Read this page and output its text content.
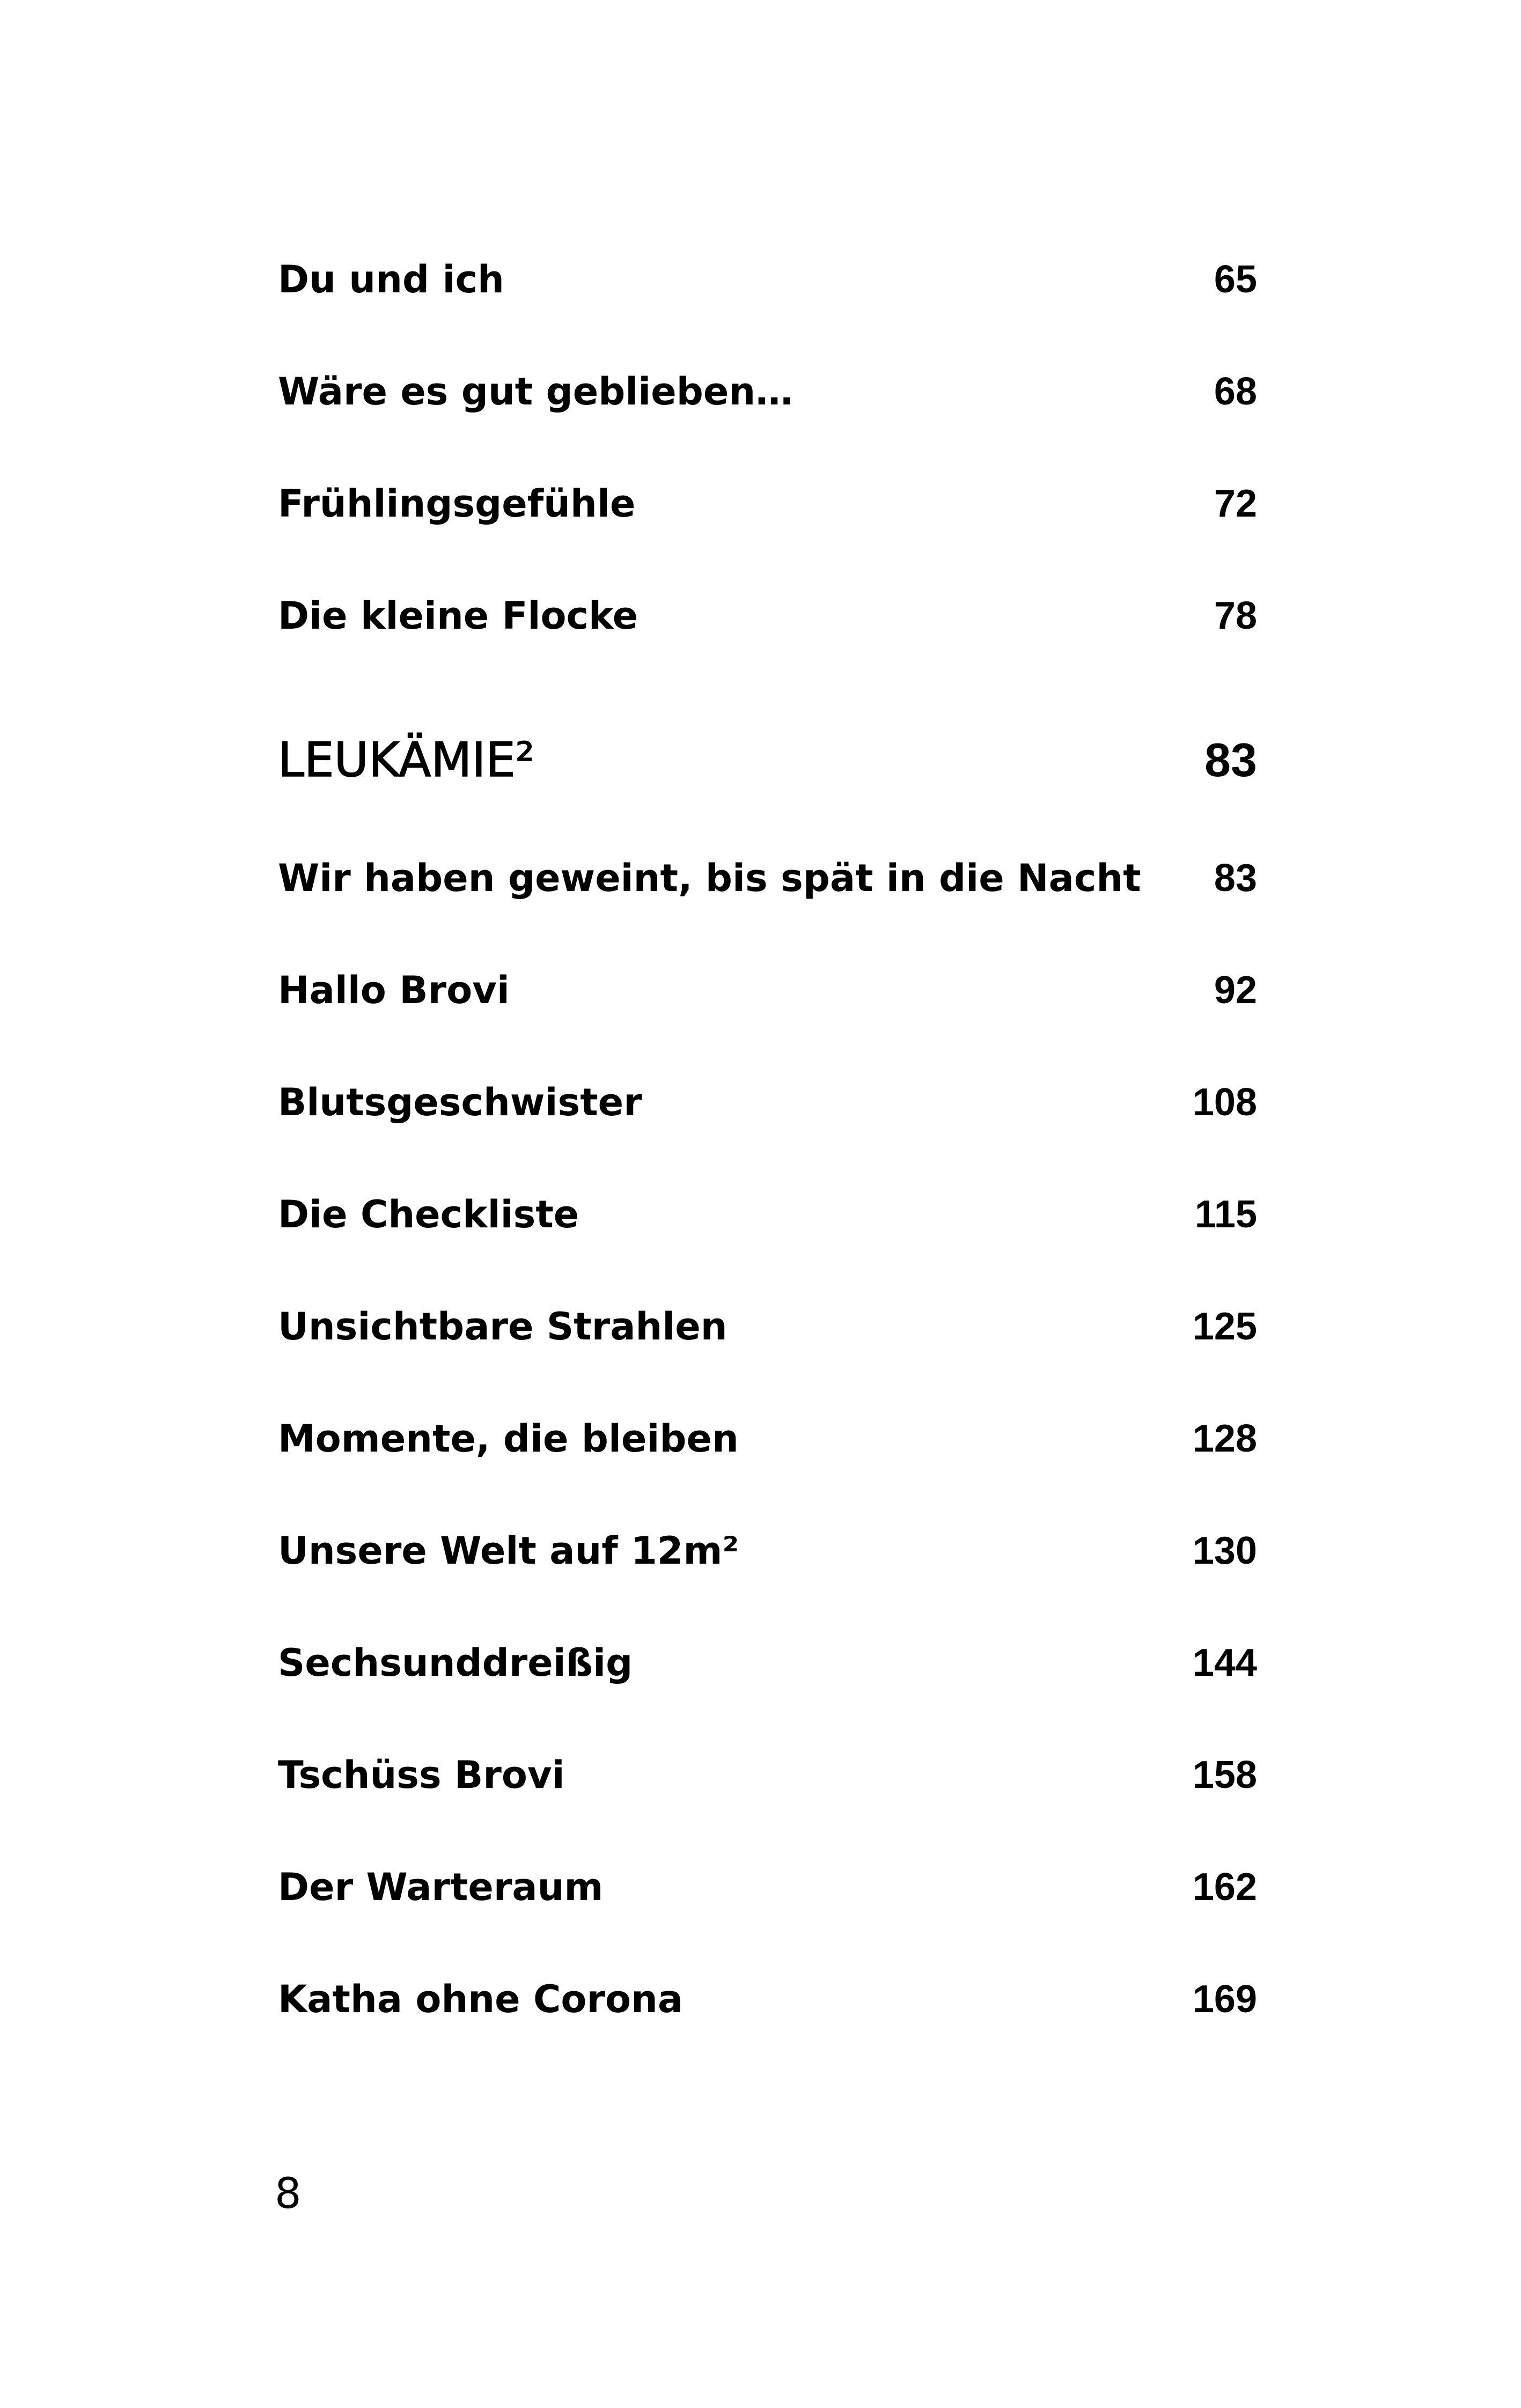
Du und ich	65
Wäre es gut geblieben…	68
Frühlingsgefühle	72
Die kleine Flocke	78
LEUKÄMIE²	83
Wir haben geweint, bis spät in die Nacht 83
Hallo Brovi	92
Blutsgeschwister	108
Die Checkliste	115
Unsichtbare Strahlen	125
Momente, die bleiben	128
Unsere Welt auf 12m²	130
Sechsunddreißig	144
Tschüss Brovi	158
Der Warteraum	162
Katha ohne Corona	169
8
